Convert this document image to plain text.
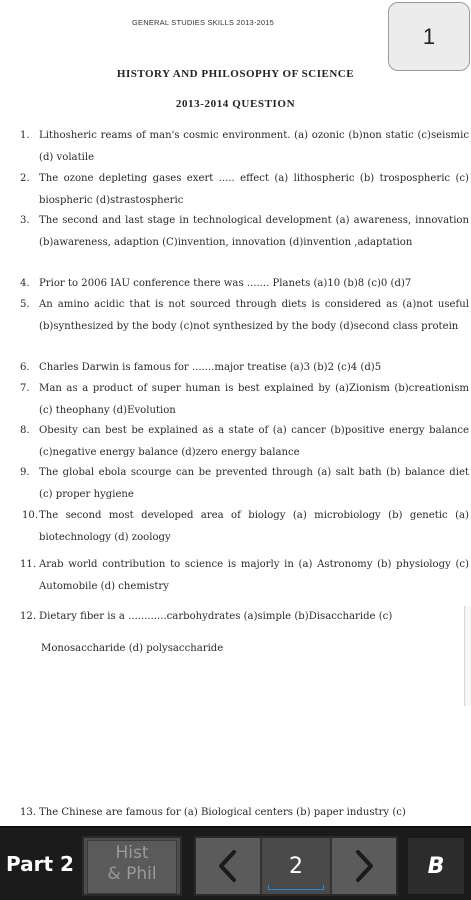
GENERAL STUDIES SKILLS 2013-2015
1
HISTORY AND PHILOSOPHY OF SCIENCE
2013-2014 QUESTION
1. Lithosheric reams of man's cosmic environment. (a) ozonic (b)non static (c)seismic (d) volatile
2. The ozone depleting gases exert ..... effect (a) lithospheric (b) trospospheric (c) biospheric (d)strastospheric
3. The second and last stage in technological development (a) awareness, innovation (b)awareness, adaption (C)invention, innovation (d)invention ,adaptation
4. Prior to 2006 IAU conference there was ....... Planets (a)10 (b)8 (c)0 (d)7
5. An amino acidic that is not sourced through diets is considered as (a)not useful (b)synthesized by the body (c)not synthesized by the body (d)second class protein
6. Charles Darwin is famous for .......major treatise (a)3 (b)2 (c)4 (d)5
7. Man as a product of super human is best explained by (a)Zionism (b)creationism (c) theophany (d)Evolution
8. Obesity can best be explained as a state of (a) cancer (b)positive energy balance (c)negative energy balance (d)zero energy balance
9. The global ebola scourge can be prevented through (a) salt bath (b) balance diet (c) proper hygiene
10. The second most developed area of biology (a) microbiology (b) genetic (a) biotechnology (d) zoology
11. Arab world contribution to science is majorly in (a) Astronomy (b) physiology (c) Automobile (d) chemistry
12. Dietary fiber is a ............carbohydrates (a)simple (b)Disaccharide (c)
Monosaccharide (d) polysaccharide
13. The Chinese are famous for (a) Biological centers (b) paper industry (c)
Part 2	Hist
& Phil	2	B
